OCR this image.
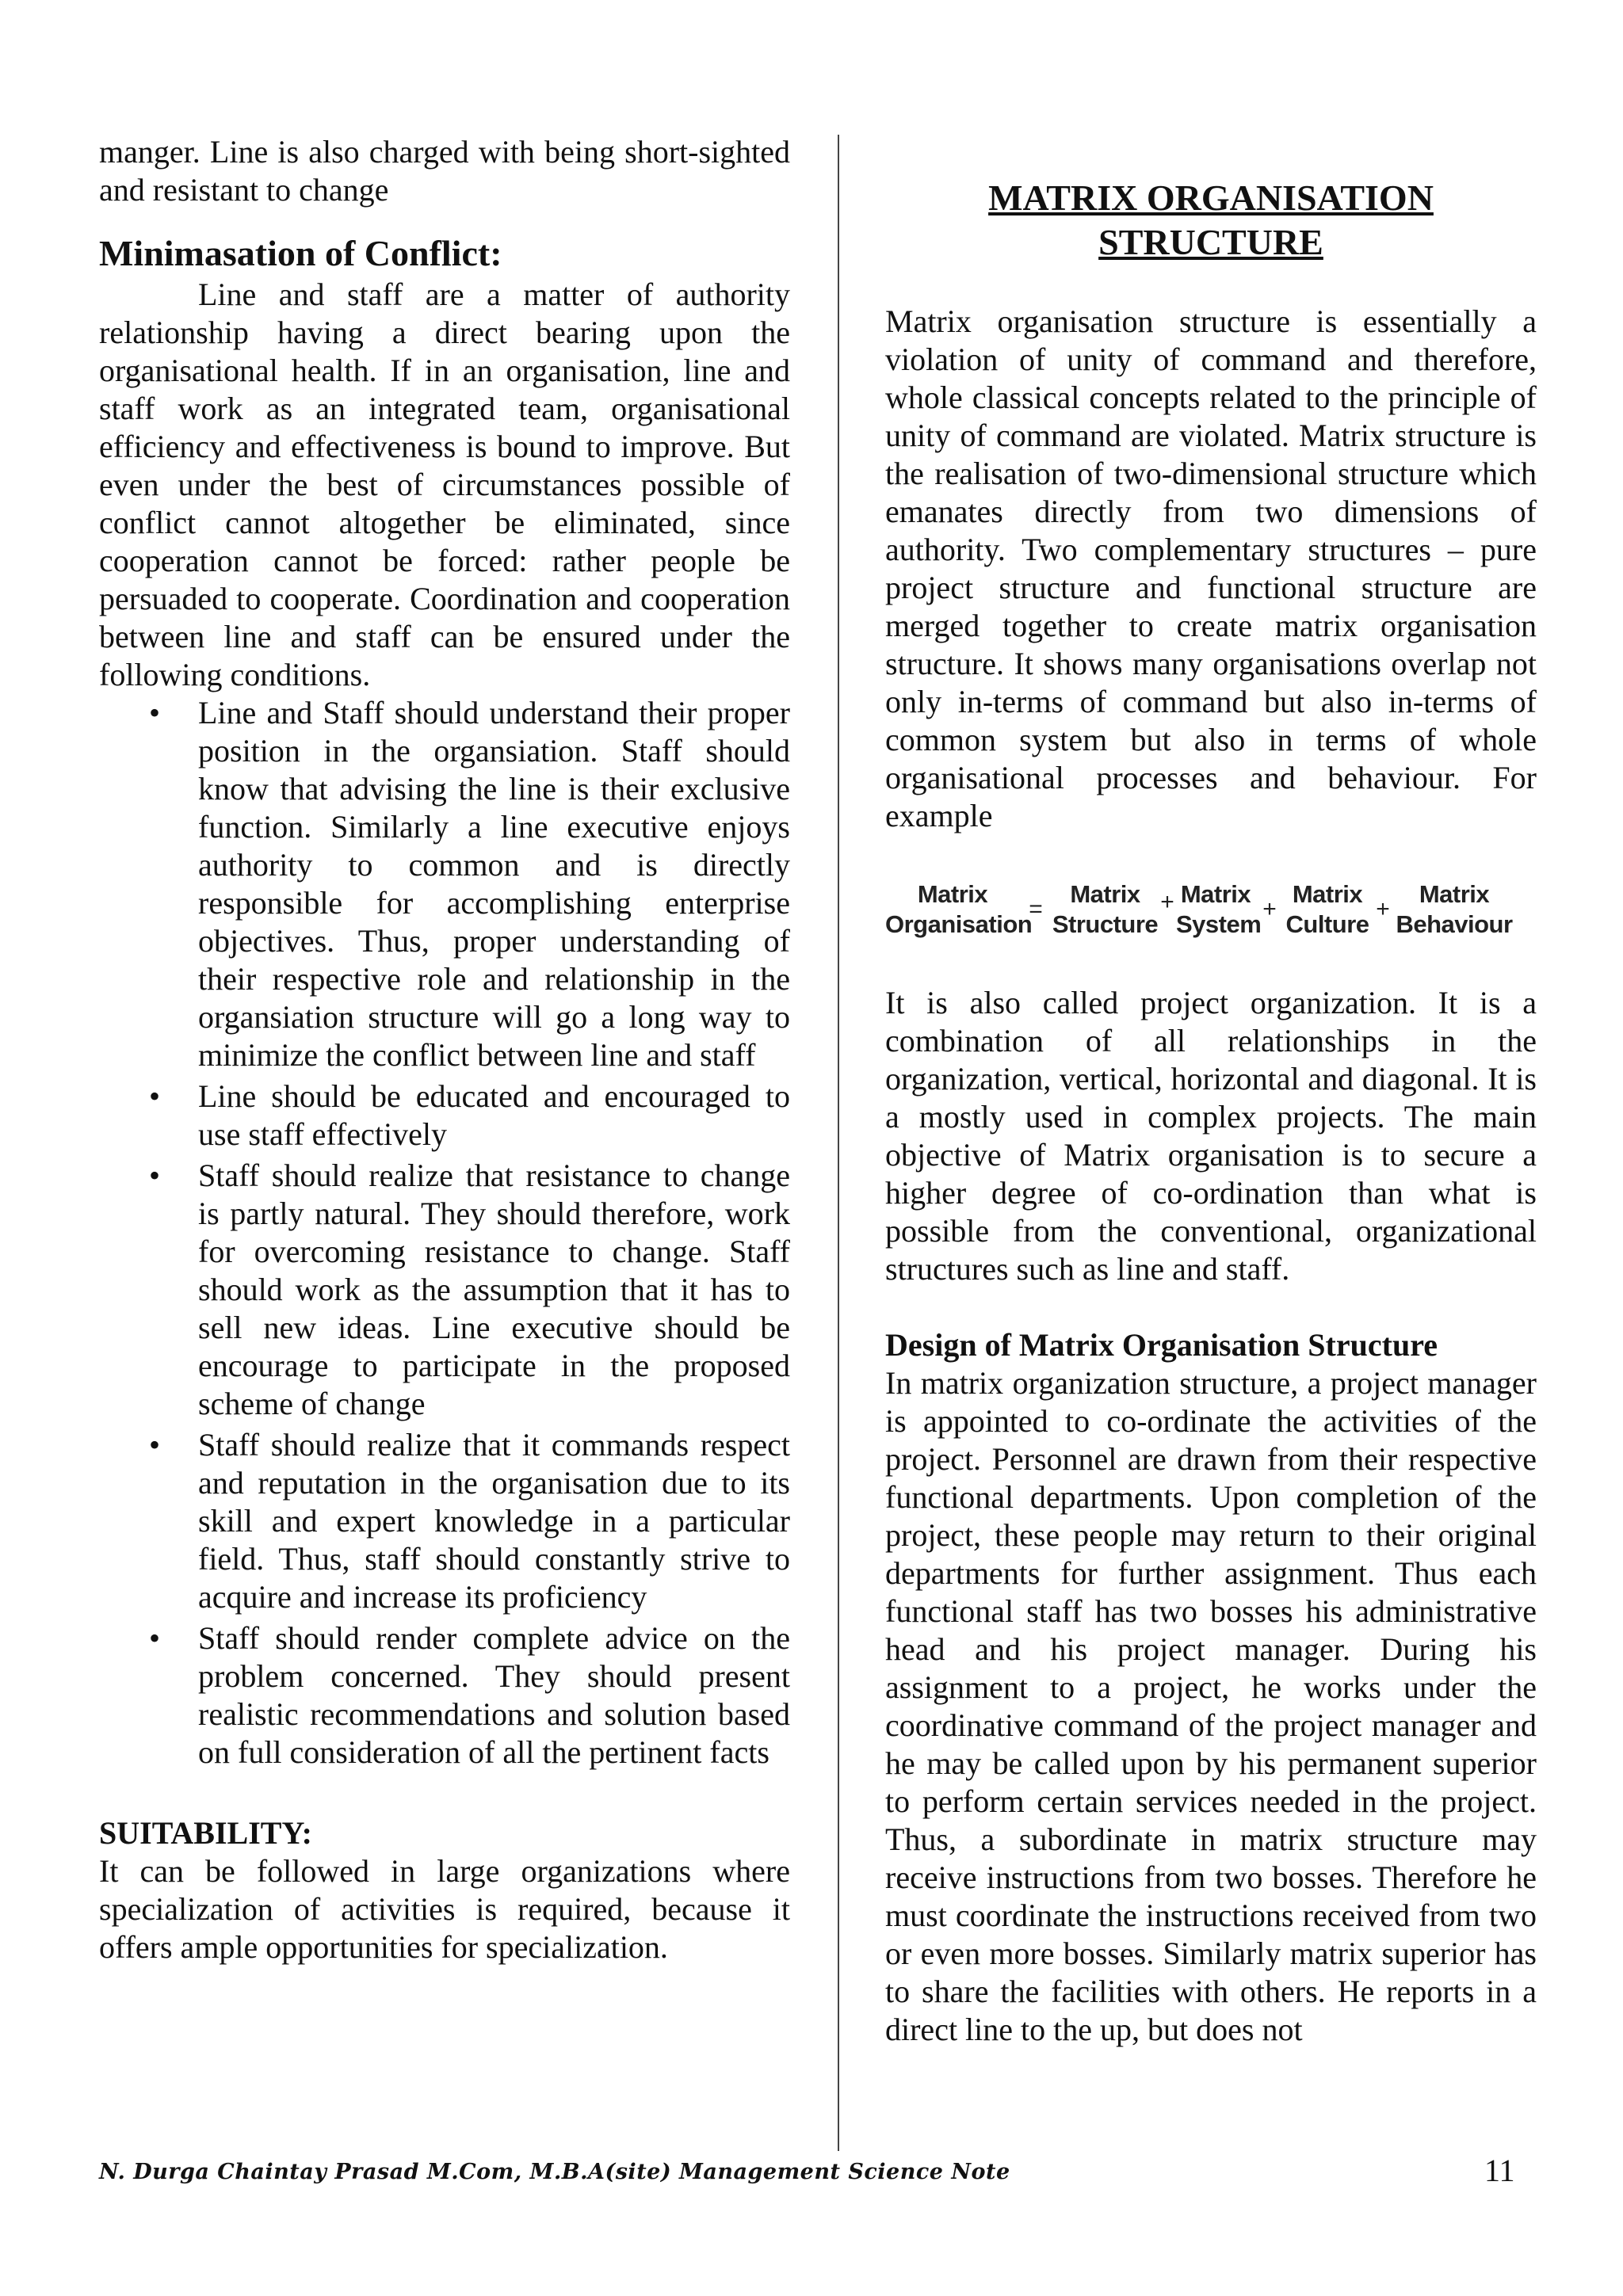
manger. Line is also charged with being short-sighted and resistant to change

Minimasation of Conflict:

Line and staff are a matter of authority relationship having a direct bearing upon the organisational health. If in an organisation, line and staff work as an integrated team, organisational efficiency and effectiveness is bound to improve. But even under the best of circumstances possible of conflict cannot altogether be eliminated, since cooperation cannot be forced: rather people be persuaded to cooperate. Coordination and cooperation between line and staff can be ensured under the following conditions.

• Line and Staff should understand their proper position in the organsiation. Staff should know that advising the line is their exclusive function. Similarly a line executive enjoys authority to common and is directly responsible for accomplishing enterprise objectives. Thus, proper understanding of their respective role and relationship in the organsiation structure will go a long way to minimize the conflict between line and staff
• Line should be educated and encouraged to use staff effectively
• Staff should realize that resistance to change is partly natural. They should therefore, work for overcoming resistance to change. Staff should work as the assumption that it has to sell new ideas. Line executive should be encourage to participate in the proposed scheme of change
• Staff should realize that it commands respect and reputation in the organisation due to its skill and expert knowledge in a particular field. Thus, staff should constantly strive to acquire and increase its proficiency
• Staff should render complete advice on the problem concerned. They should present realistic recommendations and solution based on full consideration of all the pertinent facts
SUITABILITY:

It can be followed in large organizations where specialization of activities is required, because it offers ample opportunities for specialization.

MATRIX ORGANISATION
STRUCTURE

Matrix organisation structure is essentially a violation of unity of command and therefore, whole classical concepts related to the principle of unity of command are violated. Matrix structure is the realisation of two-dimensional structure which emanates directly from two dimensions of authority. Two complementary structures – pure project structure and functional structure are merged together to create matrix organisation structure. It shows many organisations overlap not only in-terms of command but also in-terms of common system but also in terms of whole organisational processes and behaviour. For example

Matrix
Organisation
=
Matrix
Structure
+ Matrix
System
+
Matrix
Culture
+
Matrix
Behaviour

It is also called project organization. It is a combination of all relationships in the organization, vertical, horizontal and diagonal. It is a mostly used in complex projects. The main objective of Matrix organisation is to secure a higher degree of co-ordination than what is possible from the conventional, organizational structures such as line and staff.

Design of Matrix Organisation Structure

In matrix organization structure, a project manager is appointed to co-ordinate the activities of the project. Personnel are drawn from their respective functional departments. Upon completion of the project, these people may return to their original departments for further assignment. Thus each functional staff has two bosses his administrative head and his project manager. During his assignment to a project, he works under the coordinative command of the project manager and he may be called upon by his permanent superior to perform certain services needed in the project. Thus, a subordinate in matrix structure may receive instructions from two bosses. Therefore he must coordinate the instructions received from two or even more bosses. Similarly matrix superior has to share the facilities with others. He reports in a direct line to the up, but does not

N. Durga Chaintay Prasad M.Com, M.B.A(site) Management Science Note	11
